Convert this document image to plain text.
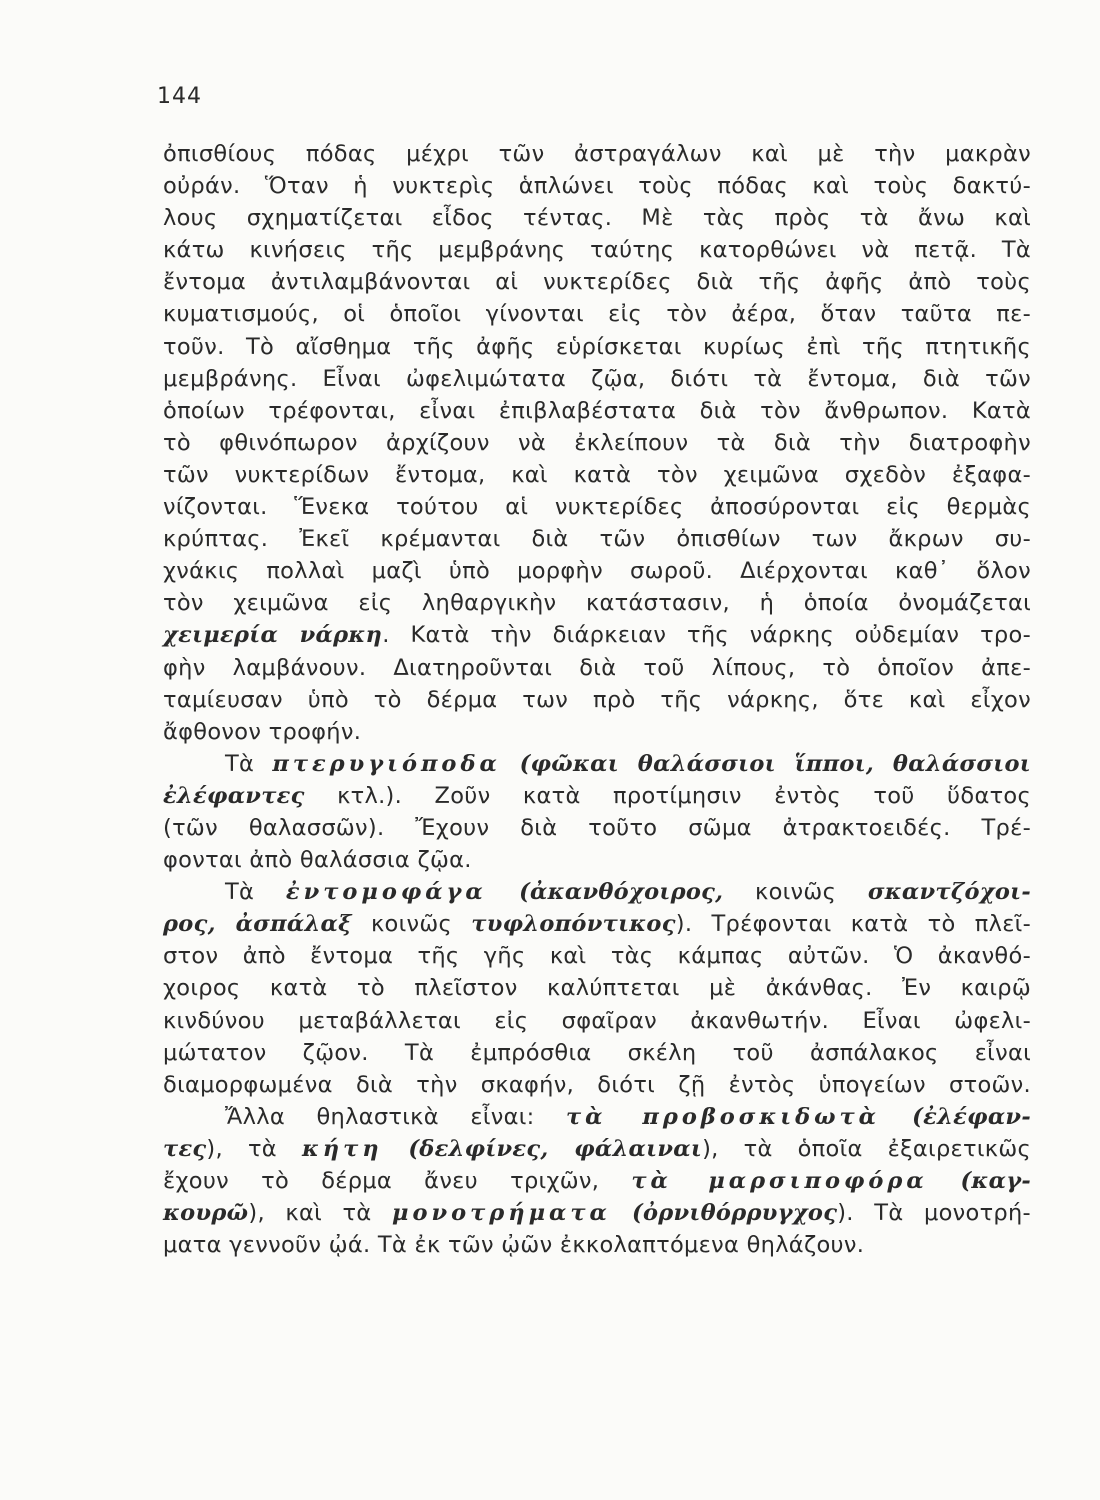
144
ὀπισθίους πόδας μέχρι τῶν ἀστραγάλων καὶ μὲ τὴν μακρὰν
οὐράν. Ὅταν ἡ νυκτερὶς ἁπλώνει τοὺς πόδας καὶ τοὺς δακτύ-
λους σχηματίζεται εἶδος τέντας. Μὲ τὰς πρὸς τὰ ἄνω καὶ
κάτω κινήσεις τῆς μεμβράνης ταύτης κατορθώνει νὰ πετᾷ. Τὰ
ἔντομα ἀντιλαμβάνονται αἱ νυκτερίδες διὰ τῆς ἀφῆς ἀπὸ τοὺς
κυματισμούς, οἱ ὁποῖοι γίνονται εἰς τὸν ἀέρα, ὅταν ταῦτα πε-
τοῦν. Τὸ αἴσθημα τῆς ἀφῆς εὑρίσκεται κυρίως ἐπὶ τῆς πτητικῆς
μεμβράνης. Εἶναι ὠφελιμώτατα ζῷα, διότι τὰ ἔντομα, διὰ τῶν
ὁποίων τρέφονται, εἶναι ἐπιβλαβέστατα διὰ τὸν ἄνθρωπον. Κατὰ
τὸ φθινόπωρον ἀρχίζουν νὰ ἐκλείπουν τὰ διὰ τὴν διατροφὴν
τῶν νυκτερίδων ἔντομα, καὶ κατὰ τὸν χειμῶνα σχεδὸν ἐξαφα-
νίζονται. Ἕνεκα τούτου αἱ νυκτερίδες ἀποσύρονται εἰς θερμὰς
κρύπτας. Ἐκεῖ κρέμανται διὰ τῶν ὀπισθίων των ἄκρων συ-
χνάκις πολλαὶ μαζὶ ὑπὸ μορφὴν σωροῦ. Διέρχονται καθ᾽ ὅλον
τὸν χειμῶνα εἰς ληθαργικὴν κατάστασιν, ἡ ὁποία ὀνομάζεται
χειμερία νάρκη. Κατὰ τὴν διάρκειαν τῆς νάρκης οὐδεμίαν τρο-
φὴν λαμβάνουν. Διατηροῦνται διὰ τοῦ λίπους, τὸ ὁποῖον ἀπε-
ταμίευσαν ὑπὸ τὸ δέρμα των πρὸ τῆς νάρκης, ὅτε καὶ εἶχον
ἄφθονον τροφήν.
Τὰ πτερυγιόποδα (φῶκαι θαλάσσιοι ἵπποι, θαλάσσιοι
ἐλέφαντες κτλ.). Ζοῦν κατὰ προτίμησιν ἐντὸς τοῦ ὕδατος
(τῶν θαλασσῶν). Ἔχουν διὰ τοῦτο σῶμα ἀτρακτοειδές. Τρέ-
φονται ἀπὸ θαλάσσια ζῷα.
Τὰ ἐντομοφάγα (ἀκανθόχοιρος, κοινῶς σκαντζόχοι-
ρος, ἀσπάλαξ κοινῶς τυφλοπόντικος). Τρέφονται κατὰ τὸ πλεῖ-
στον ἀπὸ ἔντομα τῆς γῆς καὶ τὰς κάμπας αὐτῶν. Ὁ ἀκανθό-
χοιρος κατὰ τὸ πλεῖστον καλύπτεται μὲ ἀκάνθας. Ἐν καιρῷ
κινδύνου μεταβάλλεται εἰς σφαῖραν ἀκανθωτήν. Εἶναι ὠφελι-
μώτατον ζῷον. Τὰ ἐμπρόσθια σκέλη τοῦ ἀσπάλακος εἶναι
διαμορφωμένα διὰ τὴν σκαφήν, διότι ζῇ ἐντὸς ὑπογείων στοῶν.
Ἄλλα θηλαστικὰ εἶναι: τὰ προβοσκιδωτὰ (ἐλέφαν-
τες), τὰ κήτη (δελφίνες, φάλαιναι), τὰ ὁποῖα ἐξαιρετικῶς
ἔχουν τὸ δέρμα ἄνευ τριχῶν, τὰ μαρσιποφόρα (καγ-
κουρῶ), καὶ τὰ μονοτρήματα (ὀρνιθόρρυγχος). Τὰ μονοτρή-
ματα γεννοῦν ᾠά. Τὰ ἐκ τῶν ᾠῶν ἐκκολαπτόμενα θηλάζουν.
